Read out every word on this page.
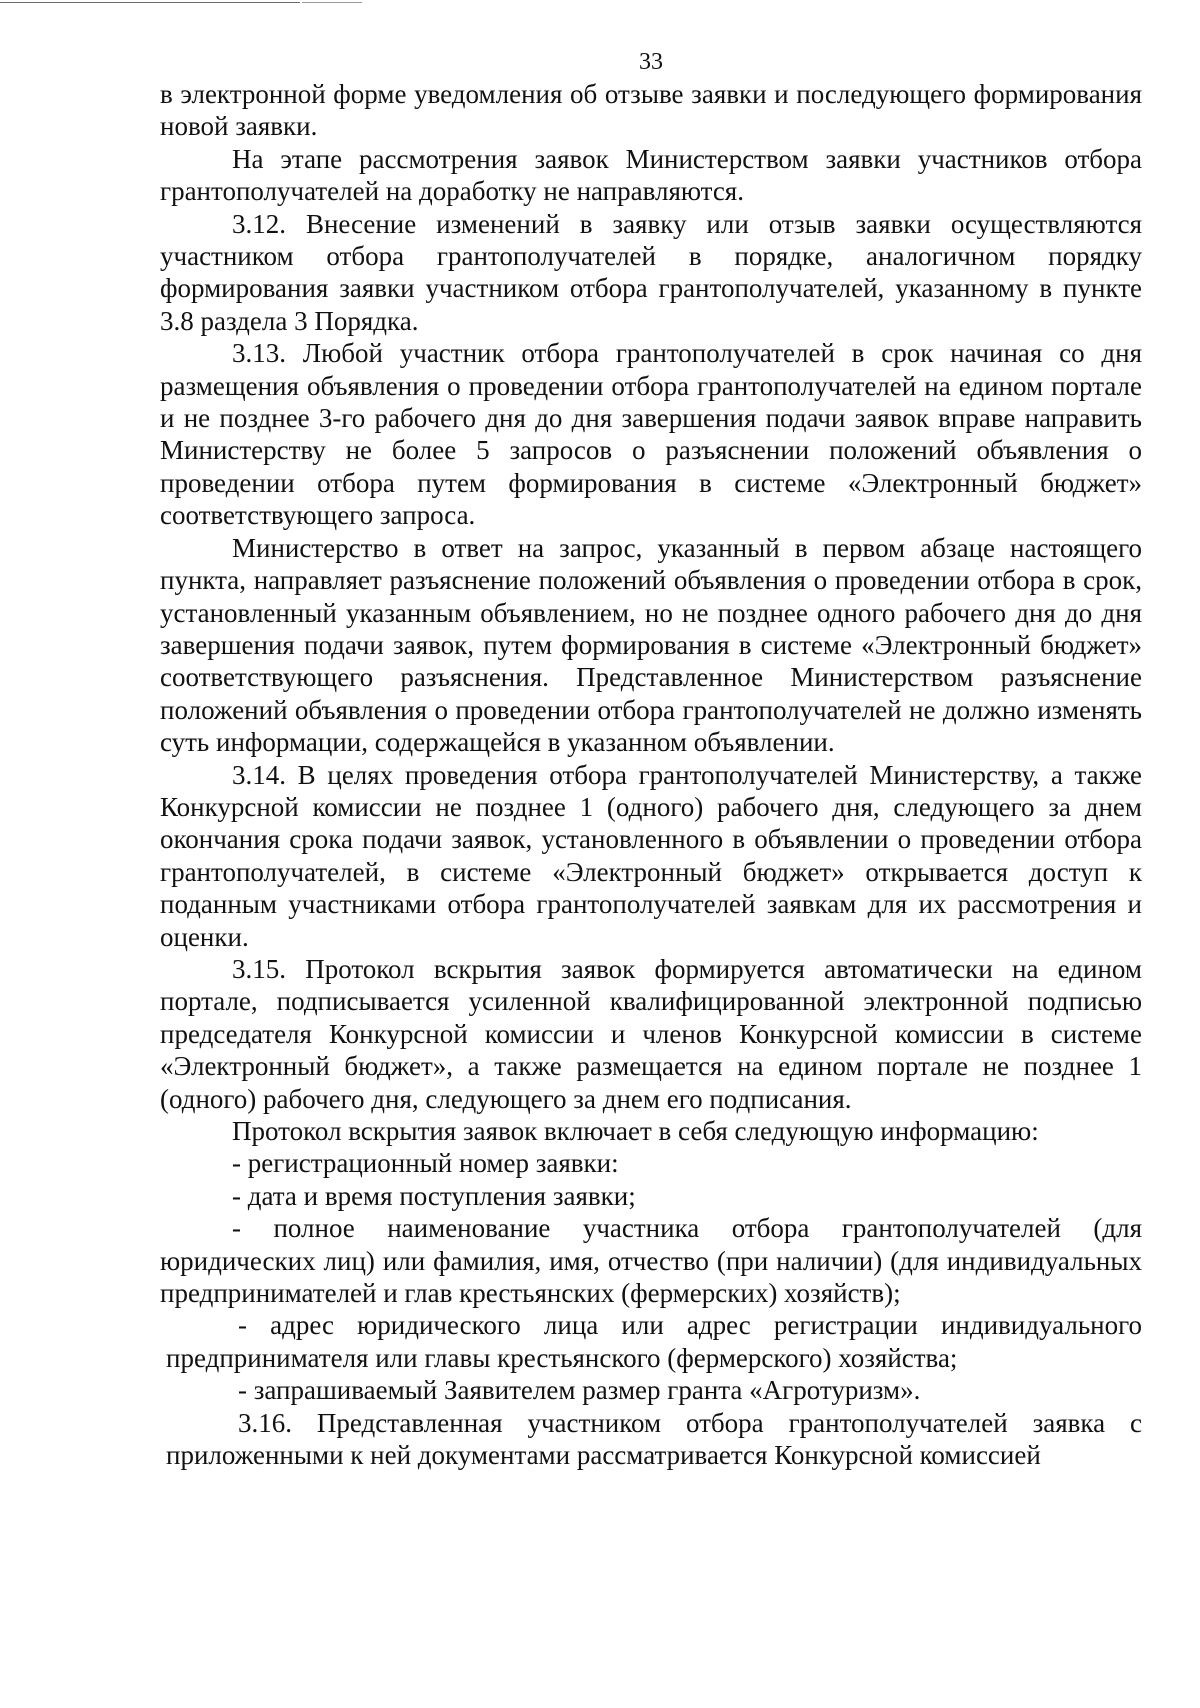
33

в электронной форме уведомления об отзыве заявки и последующего формирования новой заявки.

На этапе рассмотрения заявок Министерством заявки участников отбора грантополучателей на доработку не направляются.

3.12. Внесение изменений в заявку или отзыв заявки осуществляются участником отбора грантополучателей в порядке, аналогичном порядку формирования заявки участником отбора грантополучателей, указанному в пункте 3.8 раздела 3 Порядка.

3.13. Любой участник отбора грантополучателей в срок начиная со дня размещения объявления о проведении отбора грантополучателей на едином портале и не позднее 3-го рабочего дня до дня завершения подачи заявок вправе направить Министерству не более 5 запросов о разъяснении положений объявления о проведении отбора путем формирования в системе «Электронный бюджет» соответствующего запроса.

Министерство в ответ на запрос, указанный в первом абзаце настоящего пункта, направляет разъяснение положений объявления о проведении отбора в срок, установленный указанным объявлением, но не позднее одного рабочего дня до дня завершения подачи заявок, путем формирования в системе «Электронный бюджет» соответствующего разъяснения. Представленное Министерством разъяснение положений объявления о проведении отбора грантополучателей не должно изменять суть информации, содержащейся в указанном объявлении.

3.14. В целях проведения отбора грантополучателей Министерству, а также Конкурсной комиссии не позднее 1 (одного) рабочего дня, следующего за днем окончания срока подачи заявок, установленного в объявлении о проведении отбора грантополучателей, в системе «Электронный бюджет» открывается доступ к поданным участниками отбора грантополучателей заявкам для их рассмотрения и оценки.

3.15. Протокол вскрытия заявок формируется автоматически на едином портале, подписывается усиленной квалифицированной электронной подписью председателя Конкурсной комиссии и членов Конкурсной комиссии в системе «Электронный бюджет», а также размещается на едином портале не позднее 1 (одного) рабочего дня, следующего за днем его подписания.

Протокол вскрытия заявок включает в себя следующую информацию:

- регистрационный номер заявки:

- дата и время поступления заявки;

- полное наименование участника отбора грантополучателей (для юридических лиц) или фамилия, имя, отчество (при наличии) (для индивидуальных предпринимателей и глав крестьянских (фермерских) хозяйств);

- адрес юридического лица или адрес регистрации индивидуального предпринимателя или главы крестьянского (фермерского) хозяйства;

- запрашиваемый Заявителем размер гранта «Агротуризм».

3.16. Представленная участником отбора грантополучателей заявка с приложенными к ней документами рассматривается Конкурсной комиссией
